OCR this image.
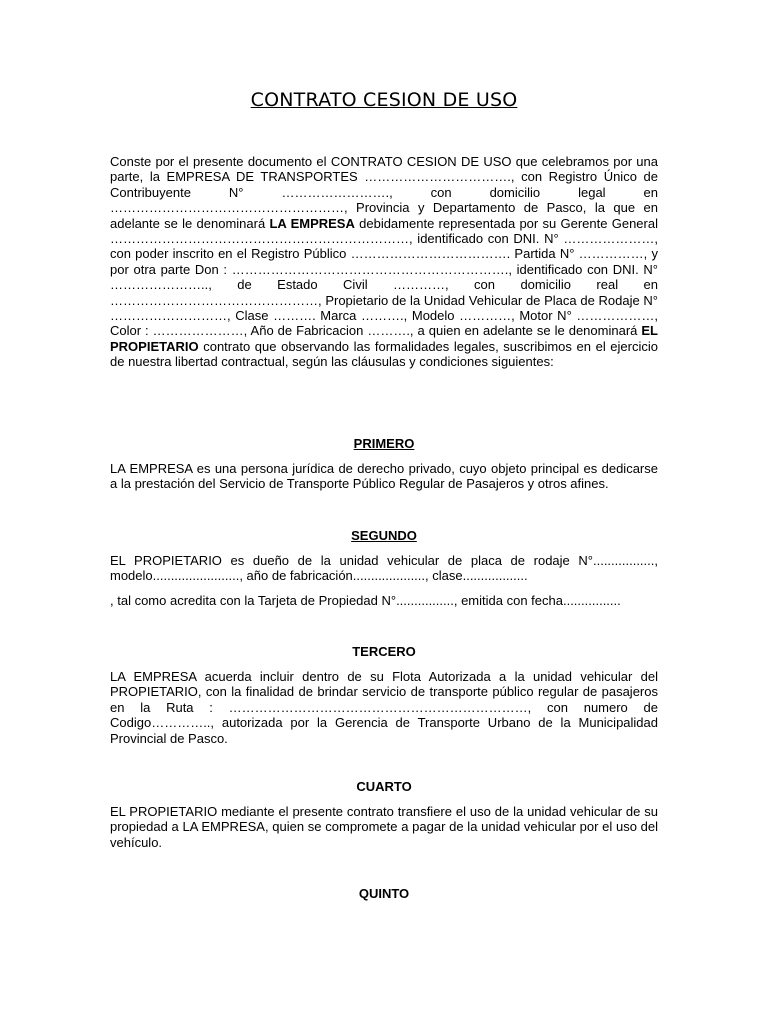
CONTRATO CESION DE USO

Conste por el presente documento el CONTRATO CESION DE USO que celebramos por una parte, la EMPRESA DE TRANSPORTES ……………………………., con Registro Único de Contribuyente N° ……………………., con domicilio legal en ………………………………………………, Provincia y Departamento de Pasco, la que en adelante se le denominará LA EMPRESA debidamente representada por su Gerente General ……………………………………………………………, identificado con DNI. N° …………………, con poder inscrito en el Registro Público ………………………………. Partida N° ……………, y por otra parte Don : ………………………………………………………., identificado con DNI. N° ………………….., de Estado Civil …………, con domicilio real en …………………………………………, Propietario de la Unidad Vehicular de Placa de Rodaje N° ………………………, Clase ………. Marca ………., Modelo …………, Motor N° ………………, Color : …………………, Año de Fabricacion ………., a quien en adelante se le denominará EL PROPIETARIO contrato que observando las formalidades legales, suscribimos en el ejercicio de nuestra libertad contractual, según las cláusulas y condiciones siguientes:

PRIMERO

LA EMPRESA es una persona jurídica de derecho privado, cuyo objeto principal es dedicarse a la prestación del Servicio de Transporte Público Regular de Pasajeros y otros afines.

SEGUNDO

EL PROPIETARIO es dueño de la unidad vehicular de placa de rodaje N°................., modelo........................, año de fabricación...................., clase..................

, tal como acredita con la Tarjeta de Propiedad N°................, emitida con fecha................

TERCERO

LA EMPRESA acuerda incluir dentro de su Flota Autorizada a la unidad vehicular del PROPIETARIO, con la finalidad de brindar servicio de transporte público regular de pasajeros en la Ruta : ……………………………………………………………, con numero de Codigo………….., autorizada por la Gerencia de Transporte Urbano de la Municipalidad Provincial de Pasco.

CUARTO

EL PROPIETARIO mediante el presente contrato transfiere el uso de la unidad vehicular de su propiedad a LA EMPRESA, quien se compromete a pagar de la unidad vehicular por el uso del vehículo.

QUINTO
